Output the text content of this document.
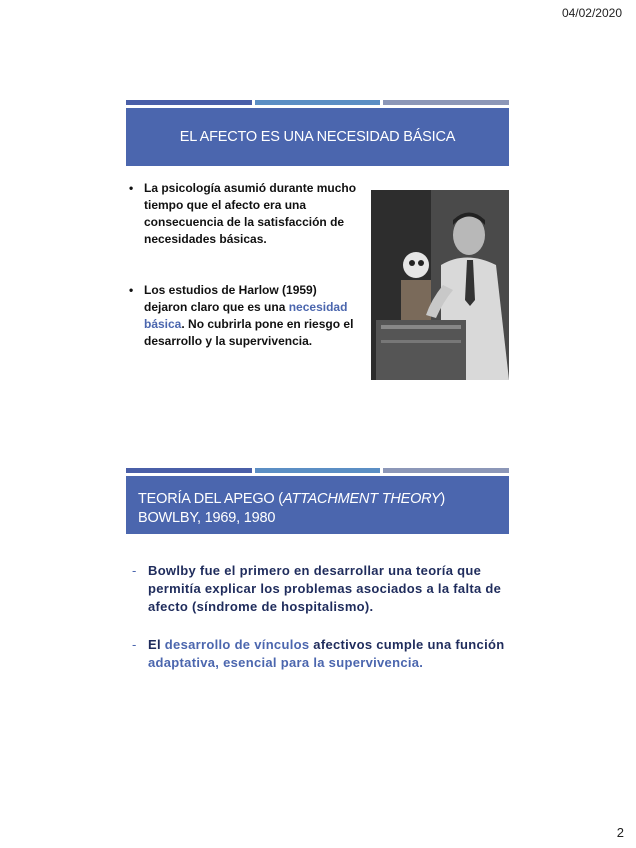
04/02/2020
EL AFECTO ES UNA NECESIDAD BÁSICA
• La psicología asumió durante mucho tiempo que el afecto era una consecuencia de la satisfacción de necesidades básicas.
• Los estudios de Harlow (1959) dejaron claro que es una necesidad básica. No cubrirla pone en riesgo el desarrollo y la supervivencia.
TEORÍA DEL APEGO (ATTACHMENT THEORY)
BOWLBY, 1969, 1980
- Bowlby fue el primero en desarrollar una teoría que permitía explicar los problemas asociados a la falta de afecto (síndrome de hospitalismo).
- El desarrollo de vínculos afectivos cumple una función adaptativa, esencial para la supervivencia.
2
